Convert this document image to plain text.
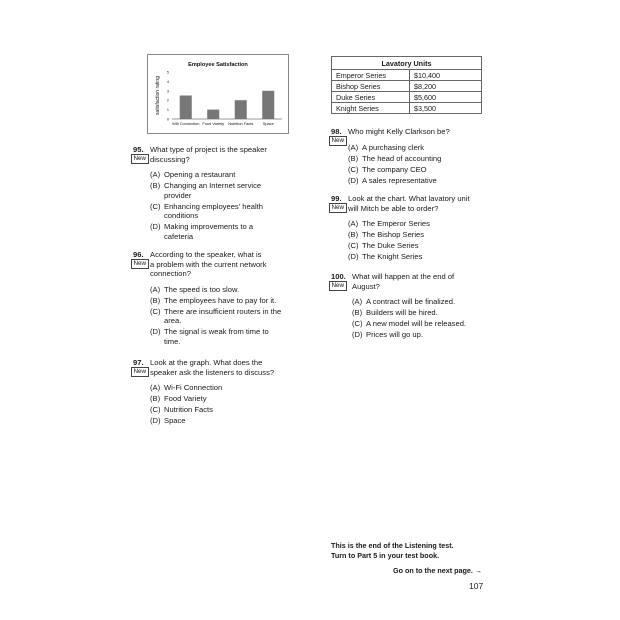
Employee Satisfaction
satisfaction rating
0
1
2
3
4
5
Wifi Connection Food Variety Nutrition Facts Space
Lavatory Units	
Emperor Series	$10,400
Bishop Series	$8,200
Duke Series	$5,600
Knight Series	$3,500
95.
New
What type of project is the speaker
discussing?
(A) Opening a restaurant
(B) Changing an Internet service
provider
(C) Enhancing employees' health
conditions
(D) Making improvements to a
cafeteria
96.
New
According to the speaker, what is
a problem with the current network
connection?
(A) The speed is too slow.
(B) The employees have to pay for it.
(C) There are insufficient routers in the
area.
(D) The signal is weak from time to
time.
97.
New
Look at the graph. What does the
speaker ask the listeners to discuss?
(A) Wi-Fi Connection
(B) Food Variety
(C) Nutrition Facts
(D) Space
98.
New
Who might Kelly Clarkson be?
(A) A purchasing clerk
(B) The head of accounting
(C) The company CEO
(D) A sales representative
99.
New
Look at the chart. What lavatory unit
will Mitch be able to order?
(A) The Emperor Series
(B) The Bishop Series
(C) The Duke Series
(D) The Knight Series
100.
New
What will happen at the end of
August?
(A) A contract will be finalized.
(B) Builders will be hired.
(C) A new model will be released.
(D) Prices will go up.
This is the end of the Listening test.
Turn to Part 5 in your test book.
Go on to the next page. →
107
